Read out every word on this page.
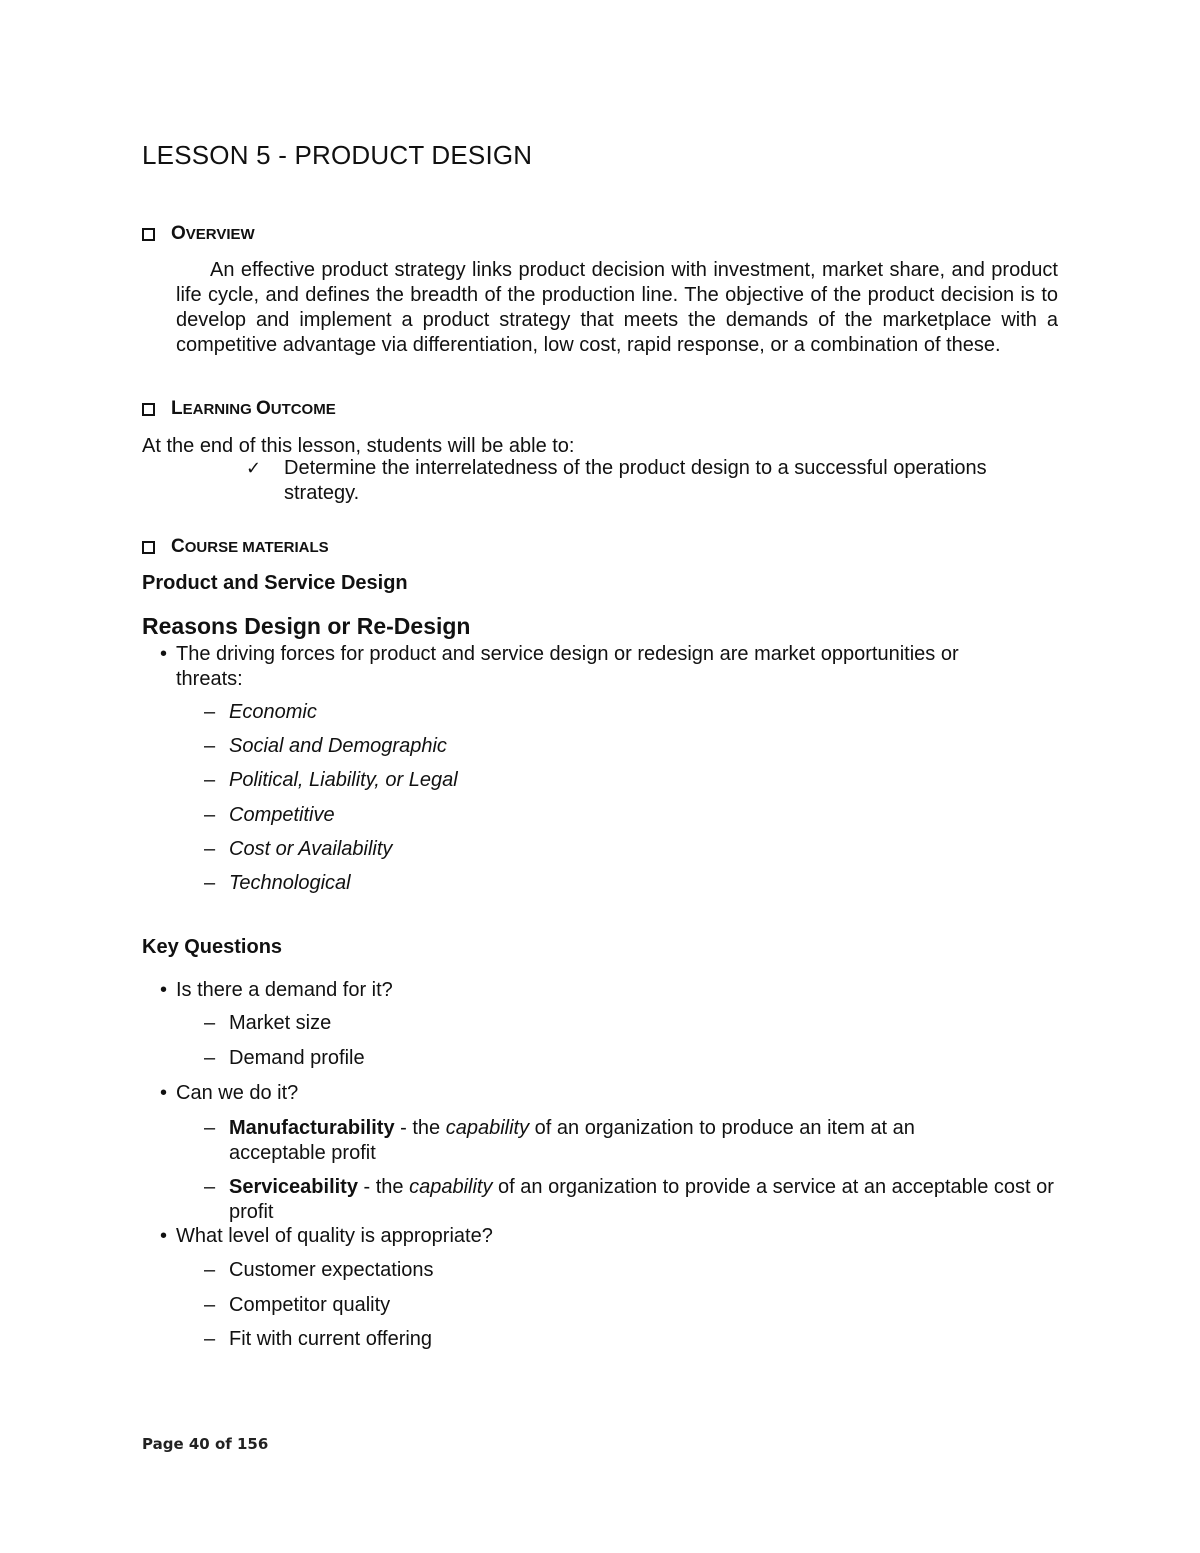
LESSON 5 - PRODUCT DESIGN
O VERVIEW

An effective product strategy links product decision with investment, market share, and product life cycle, and defines the breadth of the production line. The objective of the product decision is to develop and implement a product strategy that meets the demands of the marketplace with a competitive advantage via differentiation, low cost, rapid response, or a combination of these.

L EARNING
O UTCOME

At the end of this lesson, students will be able to:

✓ Determine the interrelatedness of the product design to a successful operations strategy.
C OURSE MATERIALS
Product and Service Design
Reasons Design or Re-Design
• The driving forces for product and service design or redesign are market opportunities or threats:
– Economic
– Social and Demographic
– Political, Liability, or Legal
– Competitive
– Cost or Availability
– Technological
Key Questions
• Is there a demand for it?
– Market size
– Demand profile
• Can we do it?
– Manufacturability - the capability of an organization to produce an item at an acceptable profit
– Serviceability - the capability of an organization to provide a service at an acceptable cost or profit
• What level of quality is appropriate?
– Customer expectations
– Competitor quality
– Fit with current offering
Page 40 of 156
